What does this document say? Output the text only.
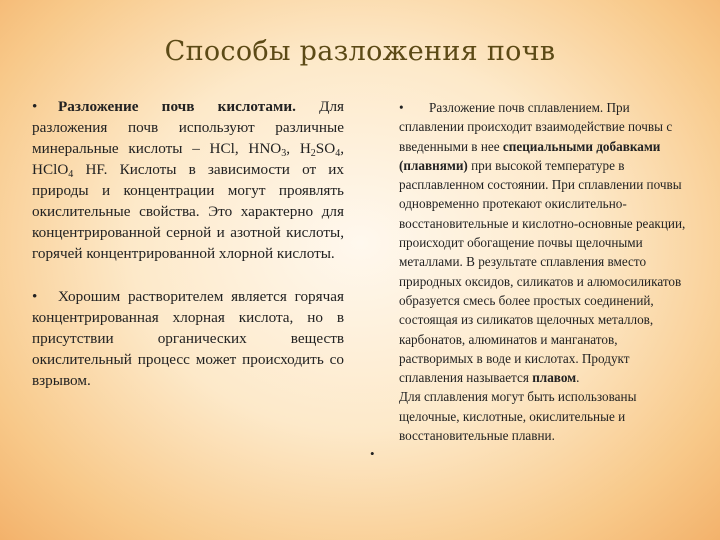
Способы разложения почв

• Разложение почв кислотами. Для разложения почв используют различные минеральные кислоты – HCl, $HNO_3$, $H_2SO_4$, HClO$_4$ HF. Кислоты в зависимости от их природы и концентрации могут проявлять окислительные свойства. Это характерно для концентрированной серной и азотной кислоты, горячей концентрированной хлорной кислоты.

• Хорошим растворителем является горячая концентрированная хлорная кислота, но в присутствии органических веществ окислительный процесс может происходить со взрывом.

• Разложение почв сплавлением. При сплавлении происходит взаимодействие почвы с введенными в нее специальными добавками (плавнями) при высокой температуре в расплавленном состоянии. При сплавлении почвы одновременно протекают окислительно-восстановительные и кислотно-основные реакции, происходит обогащение почвы щелочными металлами. В результате сплавления вместо природных оксидов, силикатов и алюмосиликатов образуется смесь более простых соединений, состоящая из силикатов щелочных металлов, карбонатов, алюминатов и манганатов, растворимых в воде и кислотах. Продукт сплавления называется плавом.
Для сплавления могут быть использованы щелочные, кислотные, окислительные и восстановительные плавни.
•
